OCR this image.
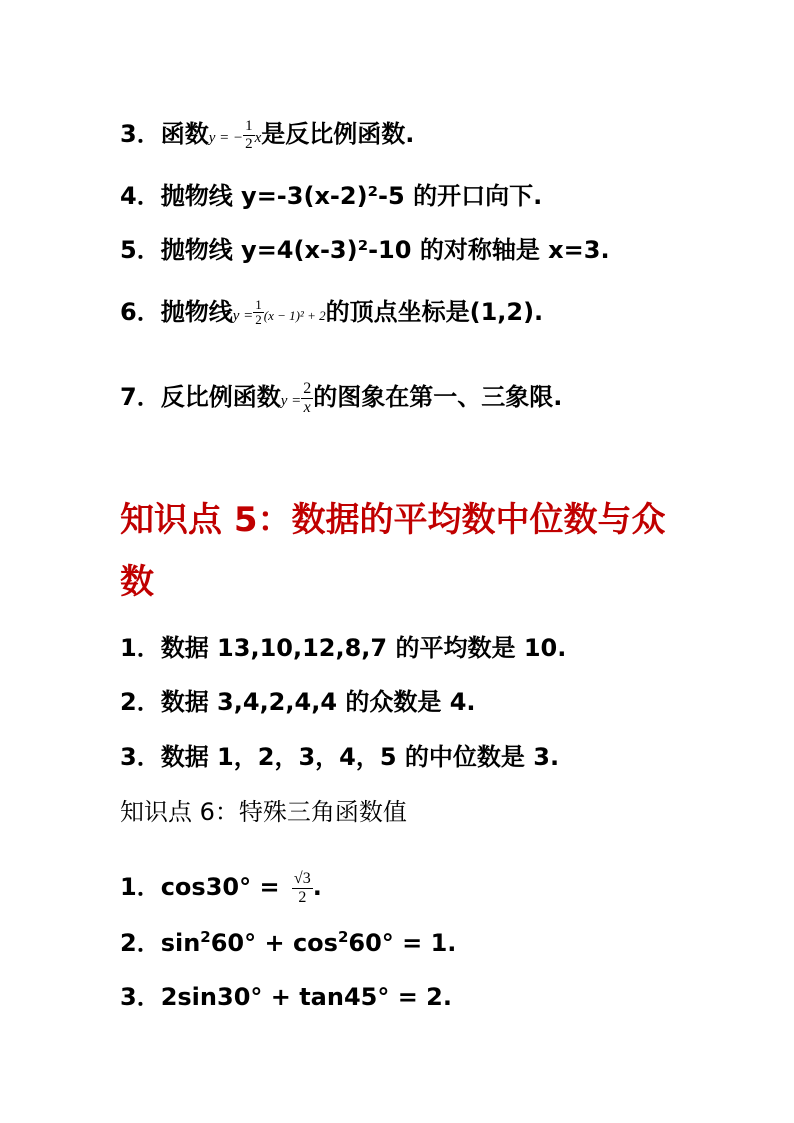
3．函数y = − $\frac{1}{2}$ x是反比例函数.
4．抛物线 y=-3(x-2)²-5 的开口向下.
5．抛物线 y=4(x-3)²-10 的对称轴是 x=3.
6．抛物线$y = \frac{1}{2} (x - 1)^2 + 2$的顶点坐标是(1,2).
7．反比例函数$y = \frac{2}{x}$ 的图象在第一、三象限.
知识点 5：数据的平均数中位数与众
数
1．数据 13,10,12,8,7 的平均数是 10.
2．数据 3,4,2,4,4 的众数是 4.
3．数据 1，2，3，4，5 的中位数是 3.
知识点 6：特殊三角函数值
1．$\cos 30^\circ = \frac{√3}{2}$ .
2．$\sin^260^\circ + \cos^260^\circ = 1$.
3．2sin30° + tan45° = 2.
